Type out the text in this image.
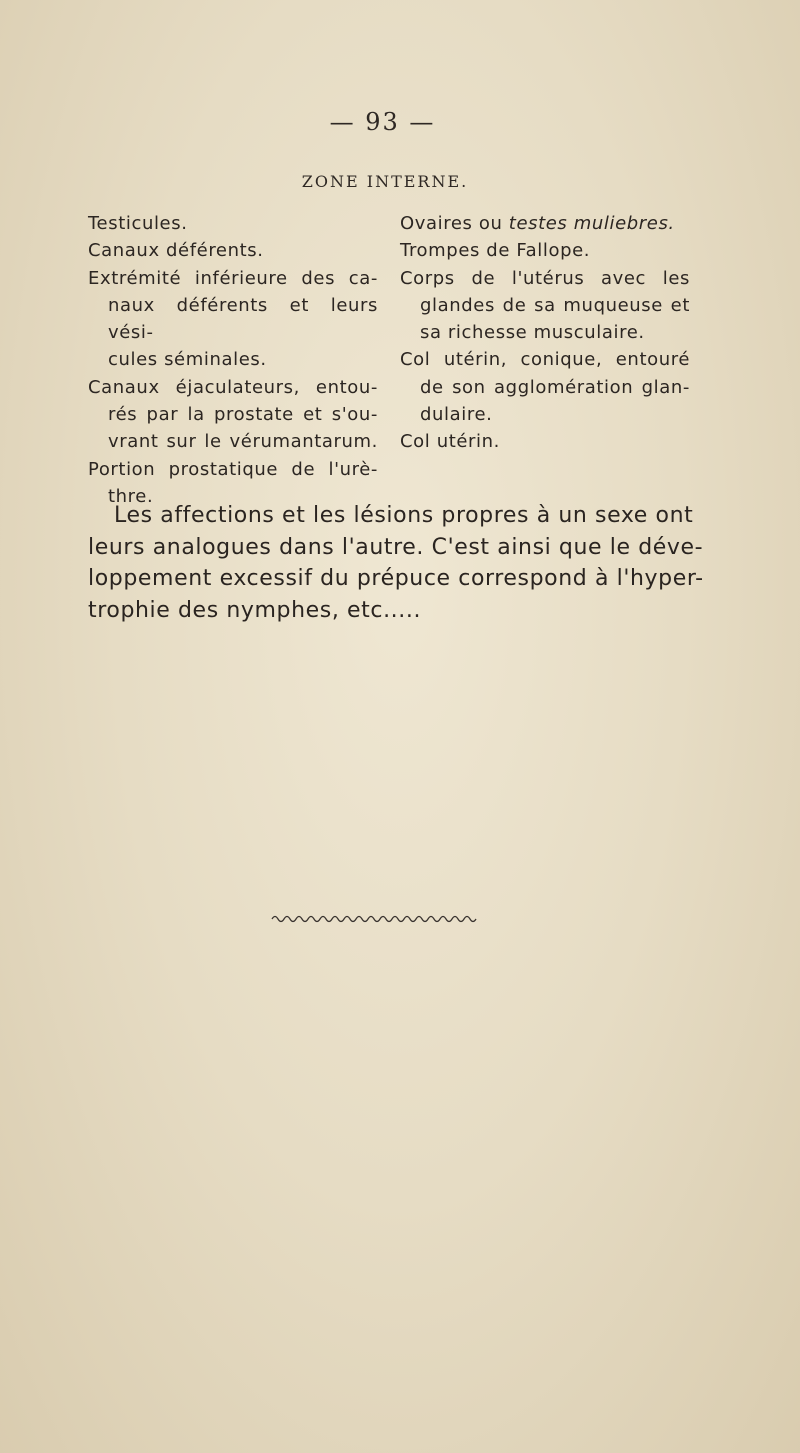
— 93 —
ZONE INTERNE.
Testicules.
Canaux déférents.
Extrémité inférieure des ca-
naux déférents et leurs vési-
cules séminales.
Canaux éjaculateurs, entou-
rés par la prostate et s'ou-
vrant sur le vérumantarum.
Portion prostatique de l'urè-
thre.
Ovaires ou testes muliebres.
Trompes de Fallope.
Corps de l'utérus avec les
glandes de sa muqueuse et
sa richesse musculaire.
Col utérin, conique, entouré
de son agglomération glan-
dulaire.
Col utérin.
Les affections et les lésions propres à un sexe ont
leurs analogues dans l'autre. C'est ainsi que le déve-
loppement excessif du prépuce correspond à l'hyper-
trophie des nymphes, etc.....
